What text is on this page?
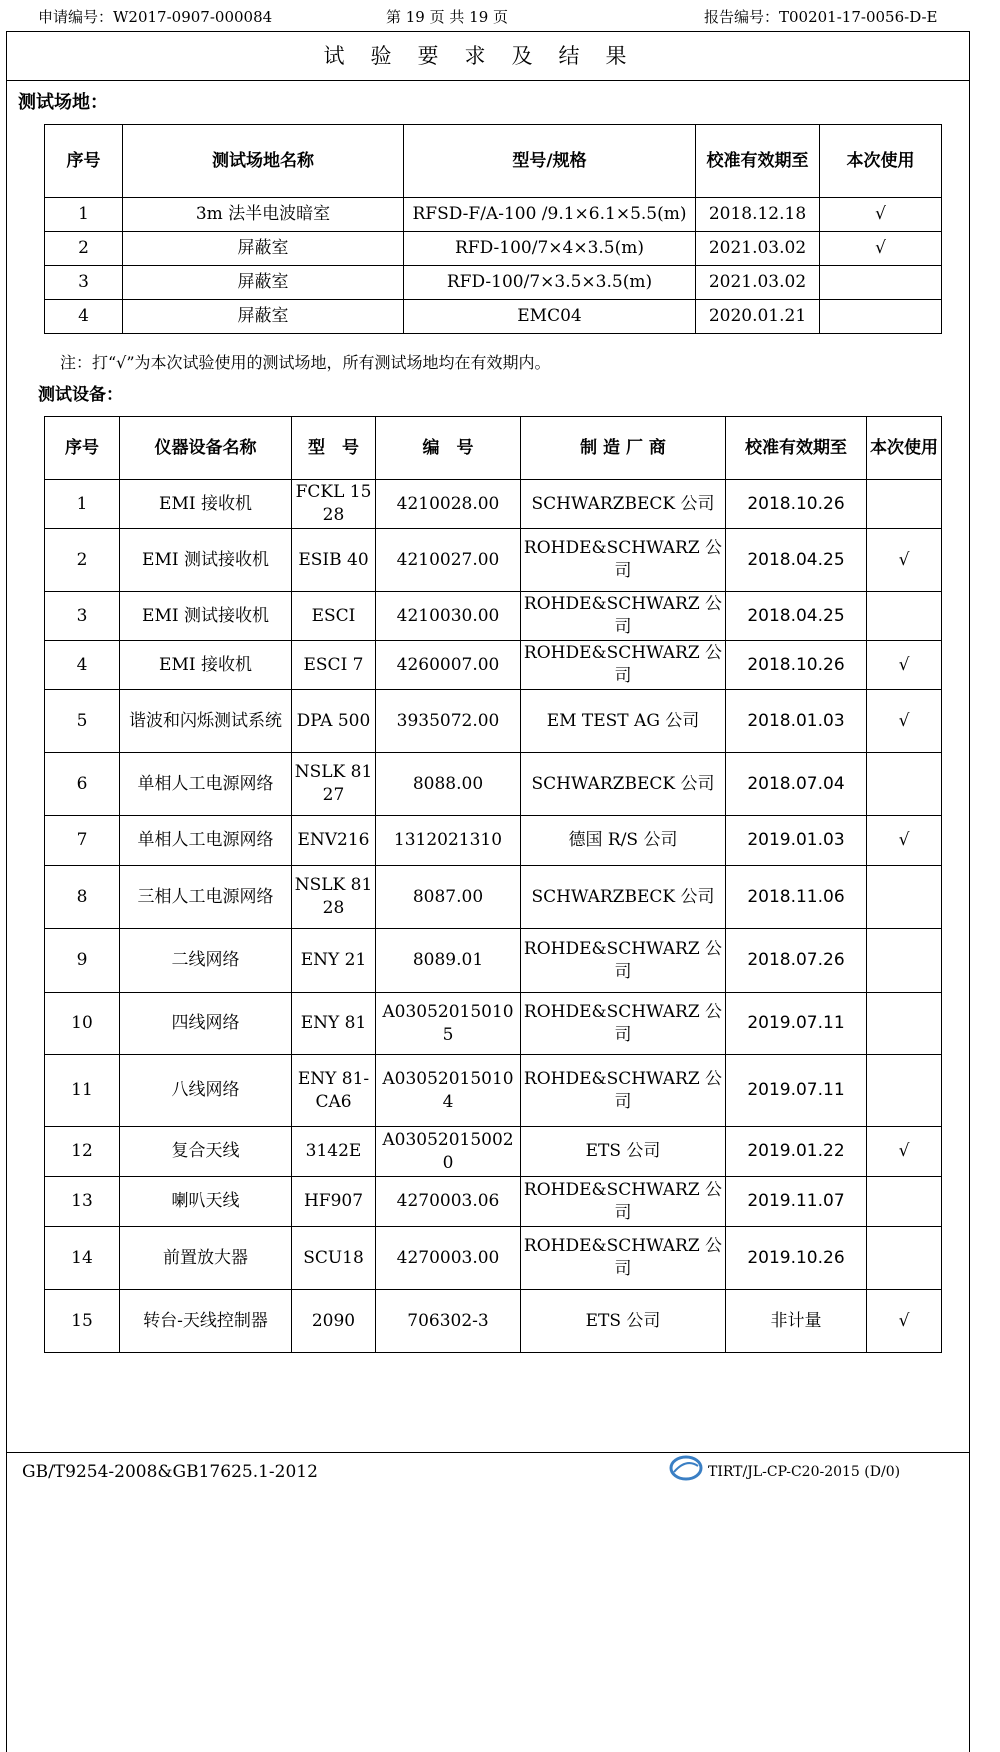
申请编号：W2017-0907-000084	第 19 页 共 19 页	报告编号：T00201-17-0056-D-E
试验要求及结果
测试场地：
序号	测试场地名称	型号/规格	校准有效期至	本次使用
1	3m 法半电波暗室	RFSD-F/A-100 /9.1×6.1×5.5(m)	2018.12.18	√
2	屏蔽室	RFD-100/7×4×3.5(m)	2021.03.02	√
3	屏蔽室	RFD-100/7×3.5×3.5(m)	2021.03.02	
4	屏蔽室	EMC04	2020.01.21	
注：打“√”为本次试验使用的测试场地，所有测试场地均在有效期内。
测试设备：
序号	仪器设备名称	型　号	编　号	制 造 厂 商	校准有效期至	本次使用
1	EMI 接收机	FCKL 1528	4210028.00	SCHWARZBECK 公司	2018.10.26	
2	EMI 测试接收机	ESIB 40	4210027.00	ROHDE&SCHWARZ 公司	2018.04.25	√
3	EMI 测试接收机	ESCI	4210030.00	ROHDE&SCHWARZ 公司	2018.04.25	
4	EMI 接收机	ESCI 7	4260007.00	ROHDE&SCHWARZ 公司	2018.10.26	√
5	谐波和闪烁测试系统	DPA 500	3935072.00	EM TEST AG 公司	2018.01.03	√
6	单相人工电源网络	NSLK 8127	8088.00	SCHWARZBECK 公司	2018.07.04	
7	单相人工电源网络	ENV216	1312021310	德国 R/S 公司	2019.01.03	√
8	三相人工电源网络	NSLK 8128	8087.00	SCHWARZBECK 公司	2018.11.06	
9	二线网络	ENY 21	8089.01	ROHDE&SCHWARZ 公司	2018.07.26	
10	四线网络	ENY 81	A030520150105	ROHDE&SCHWARZ 公司	2019.07.11	
11	八线网络	ENY 81-CA6	A030520150104	ROHDE&SCHWARZ 公司	2019.07.11	
12	复合天线	3142E	A030520150020	ETS 公司	2019.01.22	√
13	喇叭天线	HF907	4270003.06	ROHDE&SCHWARZ 公司	2019.11.07	
14	前置放大器	SCU18	4270003.00	ROHDE&SCHWARZ 公司	2019.10.26	
15	转台-天线控制器	2090	706302-3	ETS 公司	非计量	√
GB/T9254-2008&GB17625.1-2012	TIRT/JL-CP-C20-2015 (D/0)
